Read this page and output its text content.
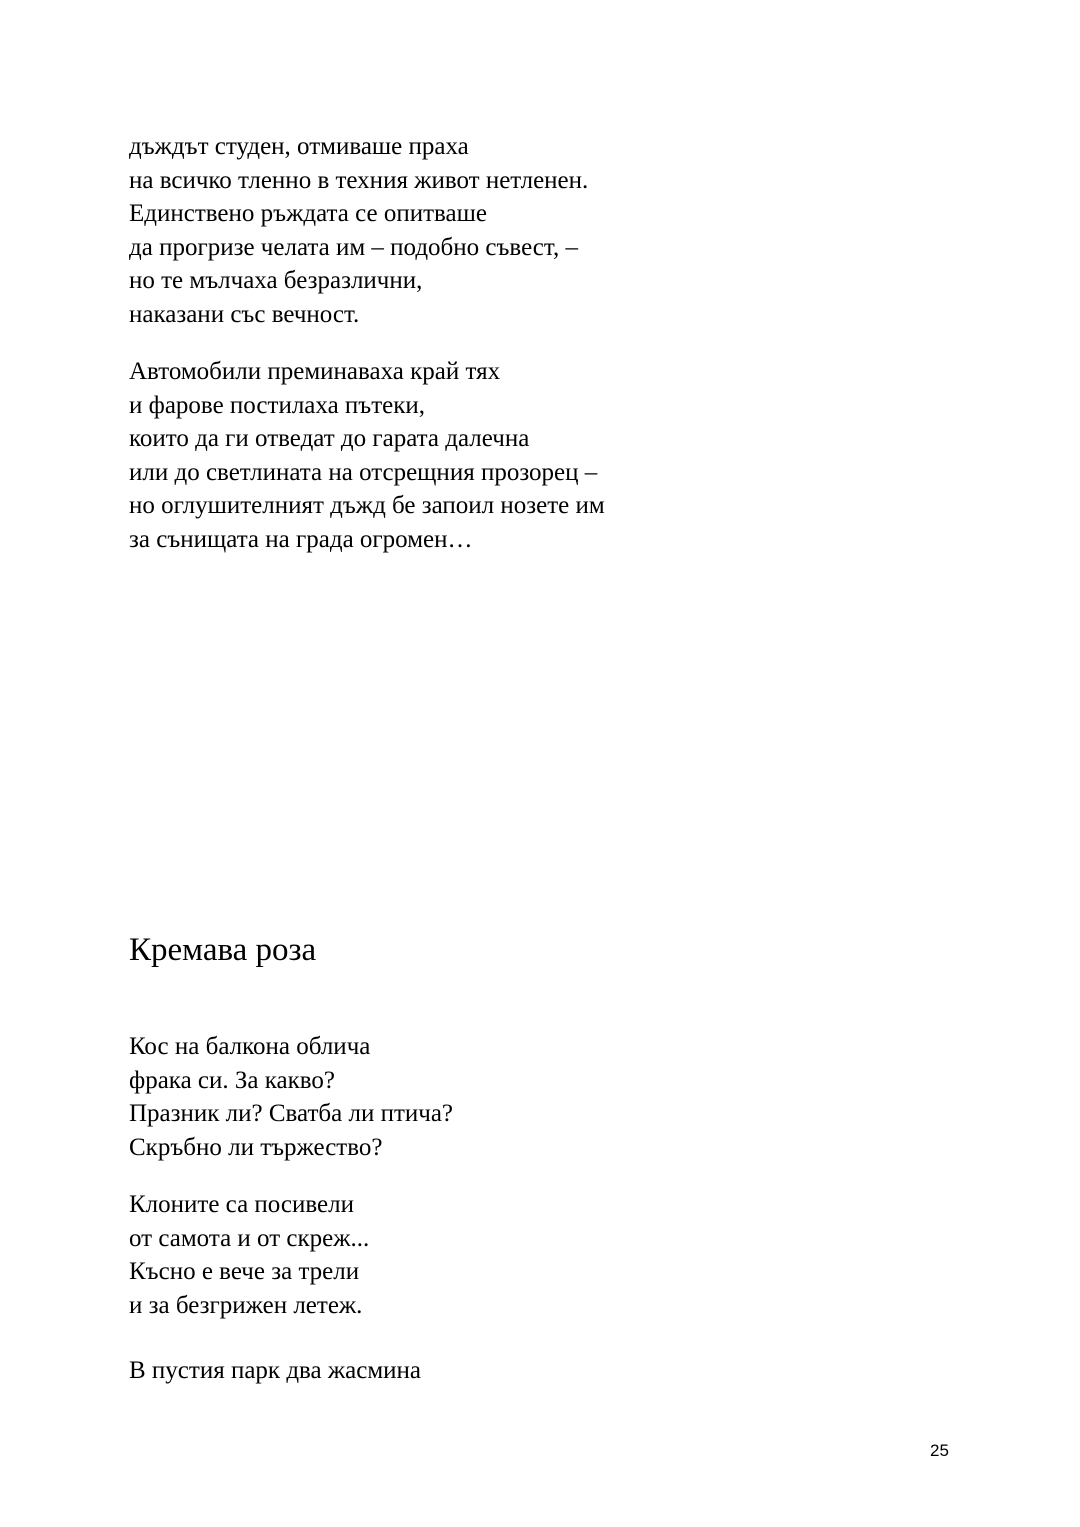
дъждът студен, отмиваше праха
на всичко тленно в техния живот нетленен.
Единствено ръждата се опитваше
да прогризе челата им – подобно съвест, –
но те мълчаха безразлични,
наказани със вечност.
Автомобили преминаваха край тях
и фарове постилаха пътеки,
които да ги отведат до гарата далечна
или до светлината на отсрещния прозорец –
но оглушителният дъжд бе запоил нозете им
за сънищата на града огромен…
Кремава роза
Кос на балкона облича
фрака си. За какво?
Празник ли? Сватба ли птича?
Скръбно ли тържество?
Клоните са посивели
от самота и от скреж...
Късно е вече за трели
и за безгрижен летеж.
В пустия парк два жасмина
25
